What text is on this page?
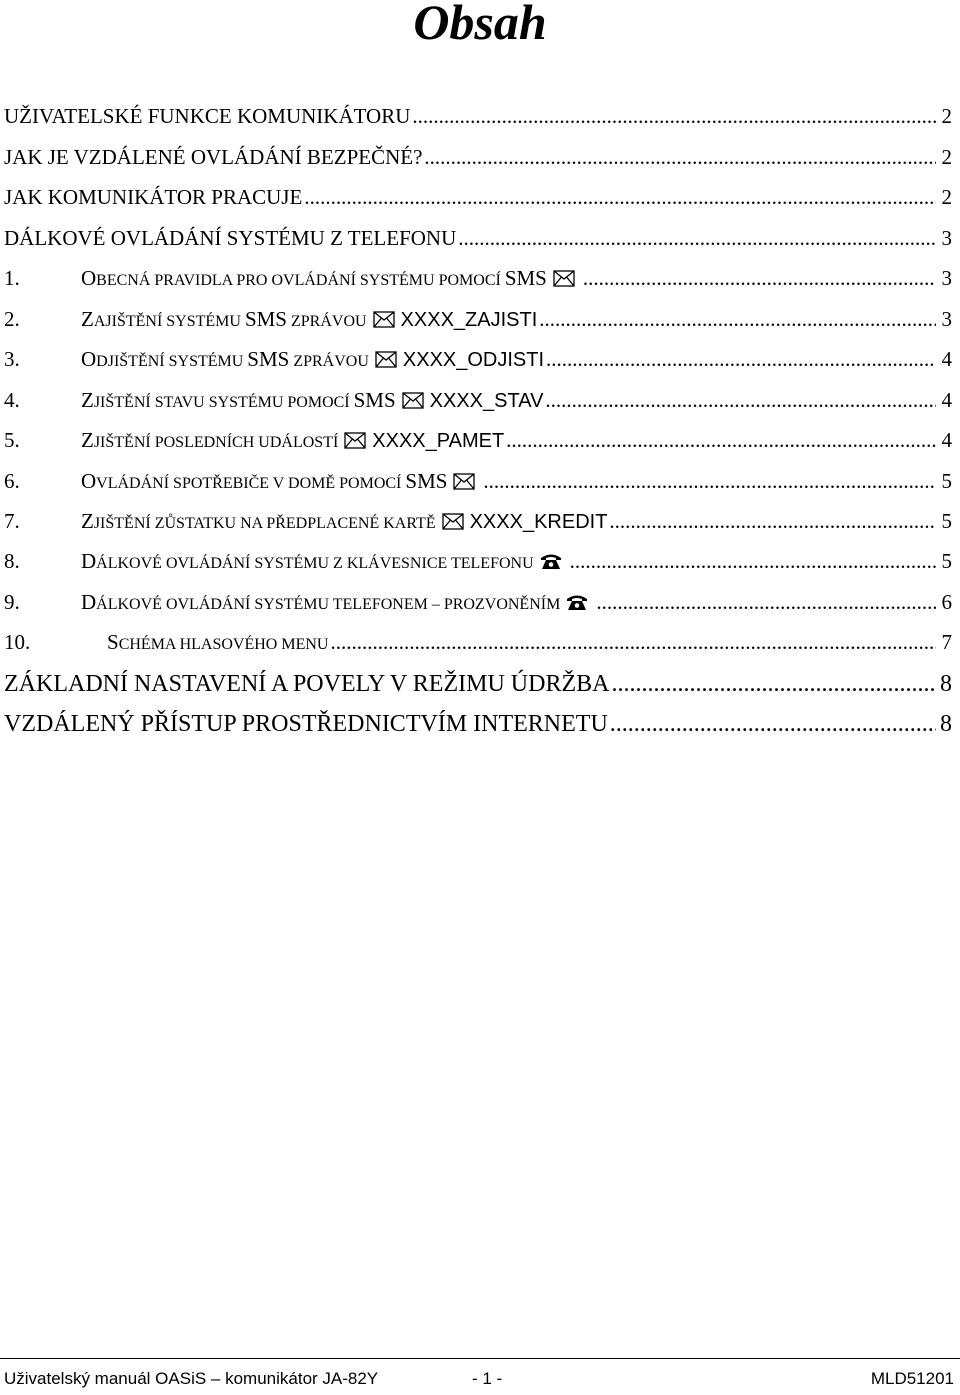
Obsah
UŽIVATELSKÉ FUNKCE KOMUNIKÁTORU .....	2
JAK JE VZDÁLENÉ OVLÁDÁNÍ BEZPEČNÉ? .....	2
JAK KOMUNIKÁTOR PRACUJE .....	2
DÁLKOVÉ OVLÁDÁNÍ SYSTÉMU Z TELEFONU .....	3
1.	O BECNÁ PRAVIDLA PRO OVLÁDÁNÍ SYSTÉMU POMOCÍ SMS .....	3
2.	Z AJIŠTĚNÍ SYSTÉMU SMS ZPRÁVOU XXXX_ZAJISTI .....	3
3.	O DJIŠTĚNÍ SYSTÉMU SMS ZPRÁVOU XXXX_ODJISTI .....	4
4.	Z JIŠTĚNÍ STAVU SYSTÉMU POMOCÍ SMS XXXX_STAV .....	4
5.	Z JIŠTĚNÍ POSLEDNÍCH UDÁLOSTÍ XXXX_PAMET .....	4
6.	O VLÁDÁNÍ SPOTŘEBIČE V DOMĚ POMOCÍ SMS .....	5
7.	Z JIŠTĚNÍ ZŮSTATKU NA PŘEDPLACENÉ KARTĚ XXXX_KREDIT .....	5
8.	D ÁLKOVÉ OVLÁDÁNÍ SYSTÉMU Z KLÁVESNICE TELEFONU .....	5
9.	D ÁLKOVÉ OVLÁDÁNÍ SYSTÉMU TELEFONEM – PROZVONĚNÍM .....	6
10.	S CHÉMA HLASOVÉHO MENU .....	7
ZÁKLADNÍ NASTAVENÍ A POVELY V REŽIMU ÚDRŽBA .....	8
VZDÁLENÝ PŘÍSTUP PROSTŘEDNICTVÍM INTERNETU .....	8
Uživatelský manuál OASiS – komunikátor JA-82Y	- 1 -	MLD51201
